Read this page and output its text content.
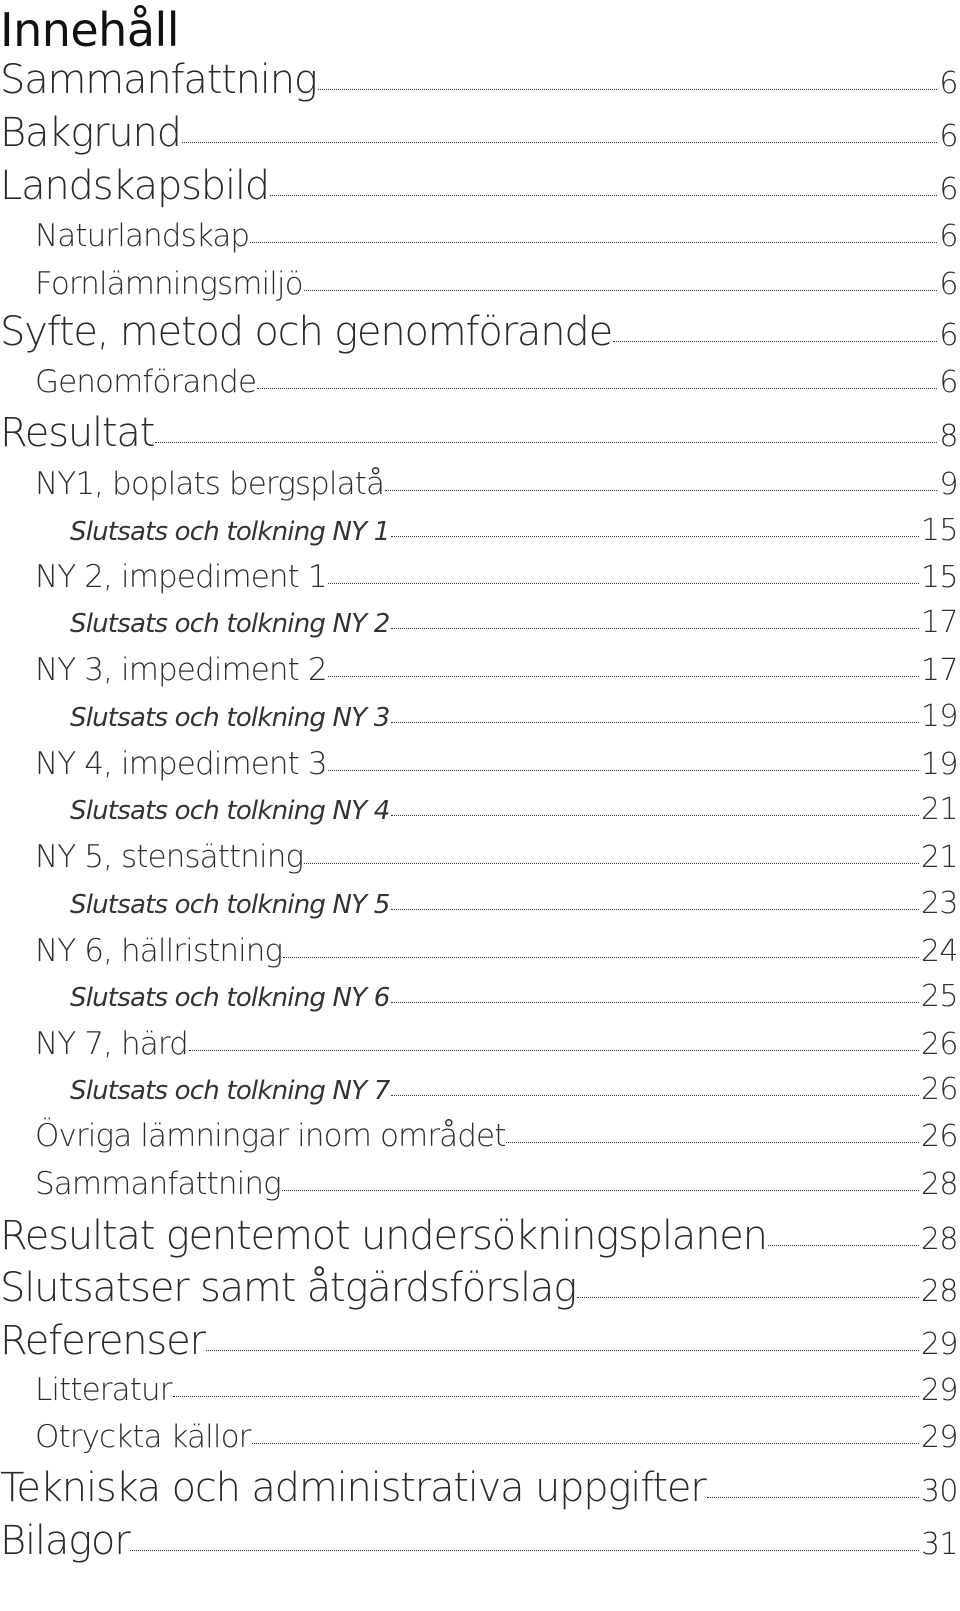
Innehåll
Sammanfattning	6
Bakgrund	6
Landskapsbild	6
Naturlandskap	6
Fornlämningsmiljö	6
Syfte, metod och genomförande	6
Genomförande	6
Resultat	8
NY1, boplats bergsplatå	9
Slutsats och tolkning NY 1	15
NY 2, impediment 1	15
Slutsats och tolkning NY 2	17
NY 3, impediment 2	17
Slutsats och tolkning NY 3	19
NY 4, impediment 3	19
Slutsats och tolkning NY 4	21
NY 5, stensättning	21
Slutsats och tolkning NY 5	23
NY 6, hällristning	24
Slutsats och tolkning NY 6	25
NY 7, härd	26
Slutsats och tolkning NY 7	26
Övriga lämningar inom området	26
Sammanfattning	28
Resultat gentemot undersökningsplanen	28
Slutsatser samt åtgärdsförslag	28
Referenser	29
Litteratur	29
Otryckta källor	29
Tekniska och administrativa uppgifter	30
Bilagor	31
